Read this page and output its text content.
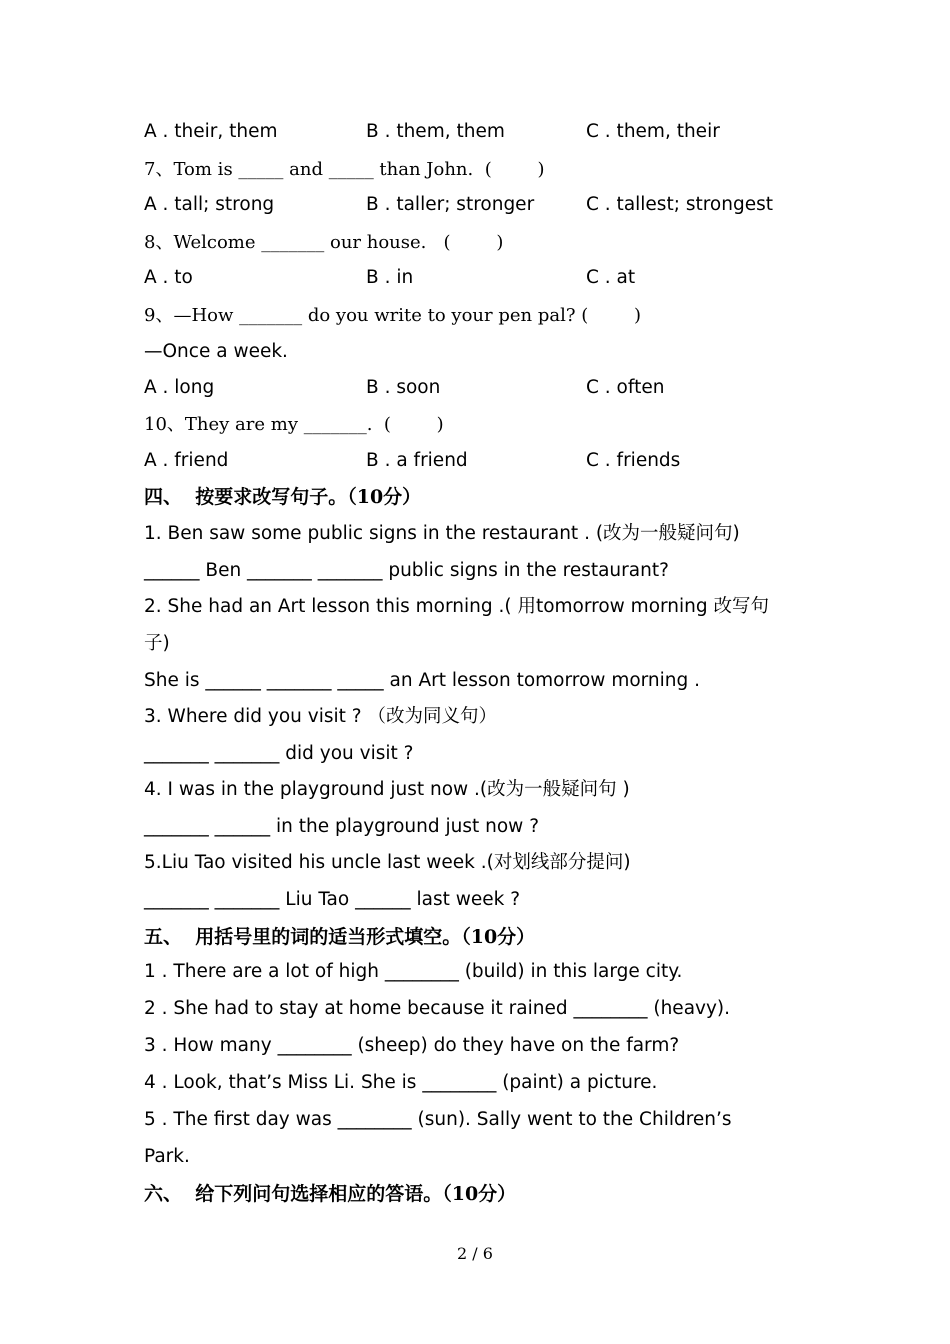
A . their, them	B . them, them	C . them, their
7、Tom is _____ and _____ than John.  (        )
A . tall; strong	B . taller; stronger	C . tallest; strongest
8、Welcome _______ our house.   (        )
A . to	B . in	C . at
9、—How _______ do you write to your pen pal? (        )
—Once a week.
A . long	B . soon	C . often
10、They are my _______.  (        )
A . friend	B . a friend	C . friends
四、  按要求改写句子。（10分）
1. Ben saw some public signs in the restaurant . (改为一般疑问句)
______ Ben _______ _______ public signs in the restaurant?
2. She had an Art lesson this morning .( 用tomorrow morning 改写句
子)
She is ______ _______ _____ an Art lesson tomorrow morning .
3. Where did you visit ? （改为同义句）
_______ _______ did you visit ?
4. I was in the playground just now .(改为一般疑问句 )
_______ ______ in the playground just now ?
5.Liu Tao visited his uncle last week .(对划线部分提问)
_______ _______ Liu Tao ______ last week ?
五、  用括号里的词的适当形式填空。（10分）
1 . There are a lot of high ________ (build) in this large city.
2 . She had to stay at home because it rained ________ (heavy).
3 . How many ________ (sheep) do they have on the farm?
4 . Look, that’s Miss Li. She is ________ (paint) a picture.
5 . The first day was ________ (sun). Sally went to the Children’s
Park.
六、  给下列问句选择相应的答语。（10分）
2 / 6
